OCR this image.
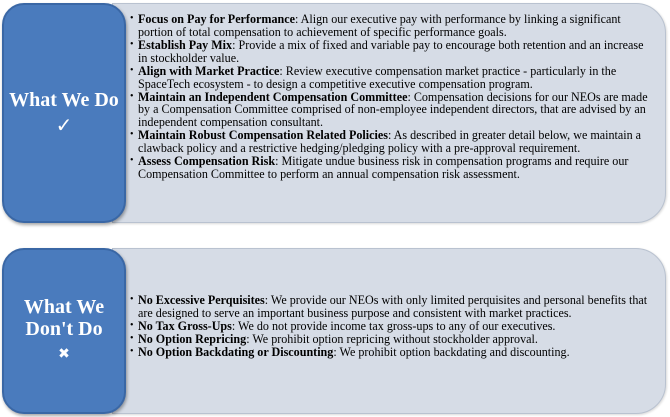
What We Do
✓
• Focus on Pay for Performance: Align our executive pay with performance by linking a significant portion of total compensation to achievement of specific performance goals.
• Establish Pay Mix: Provide a mix of fixed and variable pay to encourage both retention and an increase in stockholder value.
• Align with Market Practice: Review executive compensation market practice - particularly in the SpaceTech ecosystem - to design a competitive executive compensation program.
• Maintain an Independent Compensation Committee: Compensation decisions for our NEOs are made by a Compensation Committee comprised of non-employee independent directors, that are advised by an independent compensation consultant.
• Maintain Robust Compensation Related Policies: As described in greater detail below, we maintain a clawback policy and a restrictive hedging/pledging policy with a pre-approval requirement.
• Assess Compensation Risk: Mitigate undue business risk in compensation programs and require our Compensation Committee to perform an annual compensation risk assessment.
What We Don't Do
✖
• No Excessive Perquisites: We provide our NEOs with only limited perquisites and personal benefits that are designed to serve an important business purpose and consistent with market practices.
• No Tax Gross-Ups: We do not provide income tax gross-ups to any of our executives.
• No Option Repricing: We prohibit option repricing without stockholder approval.
• No Option Backdating or Discounting: We prohibit option backdating and discounting.
